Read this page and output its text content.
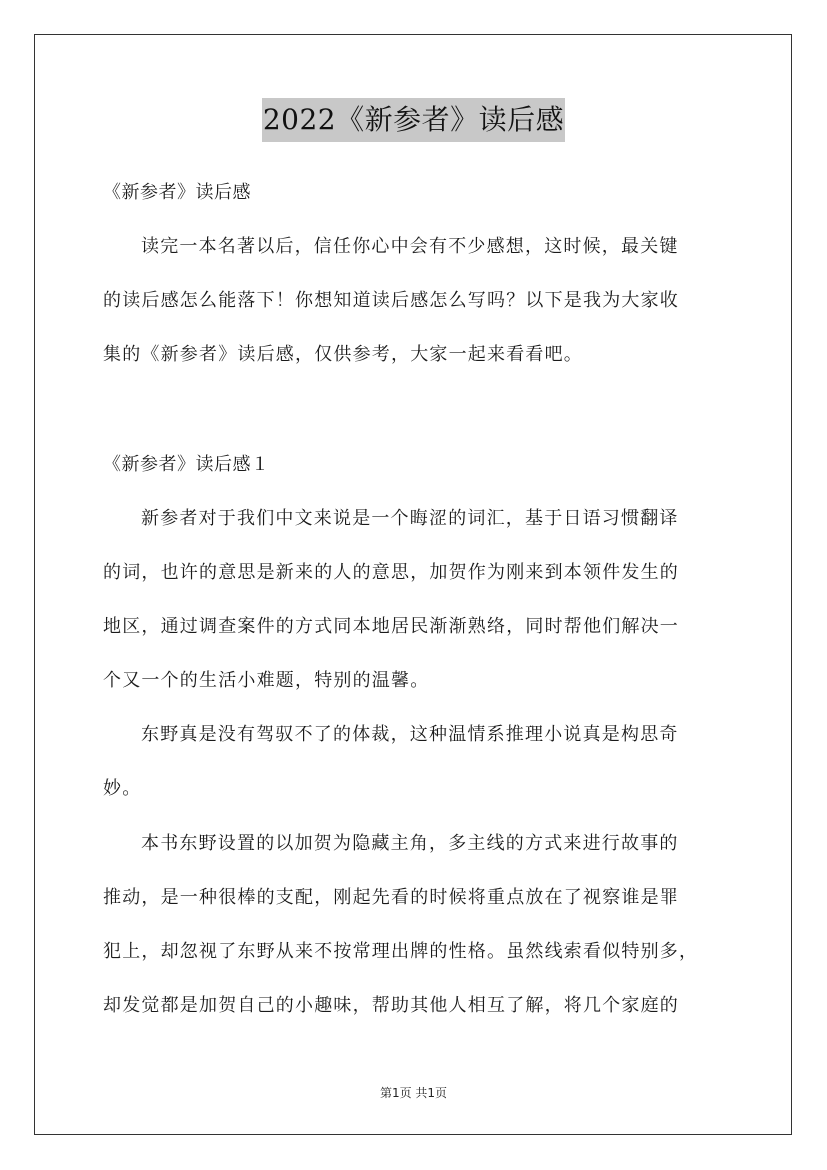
2022《新参者》读后感
《新参者》读后感
读完一本名著以后，信任你心中会有不少感想，这时候，最关键
的读后感怎么能落下！你想知道读后感怎么写吗？以下是我为大家收
集的《新参者》读后感，仅供参考，大家一起来看看吧。
《新参者》读后感１
新参者对于我们中文来说是一个晦涩的词汇，基于日语习惯翻译
的词，也许的意思是新来的人的意思，加贺作为刚来到本领件发生的
地区，通过调查案件的方式同本地居民渐渐熟络，同时帮他们解决一
个又一个的生活小难题，特别的温馨。
东野真是没有驾驭不了的体裁，这种温情系推理小说真是构思奇
妙。
本书东野设置的以加贺为隐藏主角，多主线的方式来进行故事的
推动，是一种很棒的支配，刚起先看的时候将重点放在了视察谁是罪
犯上，却忽视了东野从来不按常理出牌的性格。虽然线索看似特别多，
却发觉都是加贺自己的小趣味，帮助其他人相互了解，将几个家庭的
第1页 共1页
